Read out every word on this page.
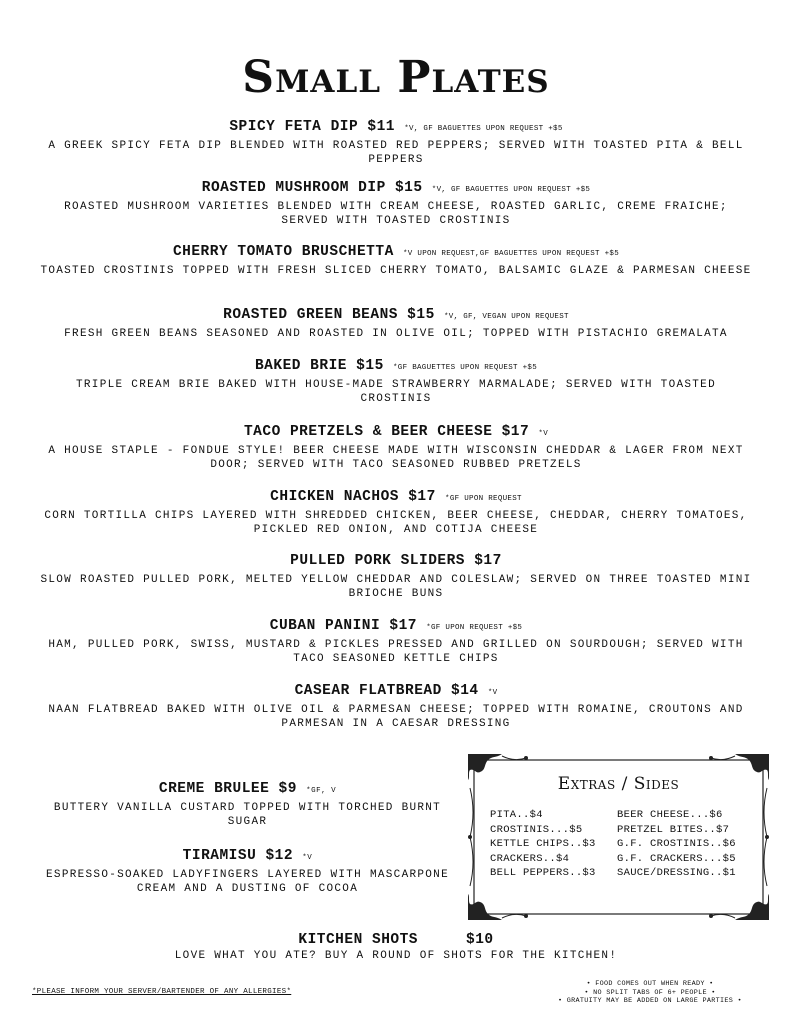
Small Plates
SPICY FETA DIP $11 *V, GF BAGUETTES UPON REQUEST +$5
A GREEK SPICY FETA DIP BLENDED WITH ROASTED RED PEPPERS; SERVED WITH TOASTED PITA & BELL PEPPERS
ROASTED MUSHROOM DIP $15 *V, GF BAGUETTES UPON REQUEST +$5
ROASTED MUSHROOM VARIETIES BLENDED WITH CREAM CHEESE, ROASTED GARLIC, CREME FRAICHE; SERVED WITH TOASTED CROSTINIS
CHERRY TOMATO BRUSCHETTA *V UPON REQUEST,GF BAGUETTES UPON REQUEST +$5
TOASTED CROSTINIS TOPPED WITH FRESH SLICED CHERRY TOMATO, BALSAMIC GLAZE & PARMESAN CHEESE
ROASTED GREEN BEANS $15 *V, GF, VEGAN UPON REQUEST
FRESH GREEN BEANS SEASONED AND ROASTED IN OLIVE OIL; TOPPED WITH PISTACHIO GREMALATA
BAKED BRIE $15 *GF BAGUETTES UPON REQUEST +$5
TRIPLE CREAM BRIE BAKED WITH HOUSE-MADE STRAWBERRY MARMALADE; SERVED WITH TOASTED CROSTINIS
TACO PRETZELS & BEER CHEESE $17 *V
A HOUSE STAPLE - FONDUE STYLE! BEER CHEESE MADE WITH WISCONSIN CHEDDAR & LAGER FROM NEXT DOOR; SERVED WITH TACO SEASONED RUBBED PRETZELS
CHICKEN NACHOS $17 *GF UPON REQUEST
CORN TORTILLA CHIPS LAYERED WITH SHREDDED CHICKEN, BEER CHEESE, CHEDDAR, CHERRY TOMATOES, PICKLED RED ONION, AND COTIJA CHEESE
PULLED PORK SLIDERS $17
SLOW ROASTED PULLED PORK, MELTED YELLOW CHEDDAR AND COLESLAW; SERVED ON THREE TOASTED MINI BRIOCHE BUNS
CUBAN PANINI $17 *GF UPON REQUEST +$5
HAM, PULLED PORK, SWISS, MUSTARD & PICKLES PRESSED AND GRILLED ON SOURDOUGH; SERVED WITH TACO SEASONED KETTLE CHIPS
CASEAR FLATBREAD $14 *V
NAAN FLATBREAD BAKED WITH OLIVE OIL & PARMESAN CHEESE; TOPPED WITH ROMAINE, CROUTONS AND PARMESAN IN A CAESAR DRESSING
CREME BRULEE $9 *GF, V
BUTTERY VANILLA CUSTARD TOPPED WITH TORCHED BURNT SUGAR
TIRAMISU $12 *V
ESPRESSO-SOAKED LADYFINGERS LAYERED WITH MASCARPONE CREAM AND A DUSTING OF COCOA
Extras / Sides
PITA..$4
CROSTINIS...$5
KETTLE CHIPS..$3
CRACKERS..$4
BELL PEPPERS..$3
BEER CHEESE...$6
PRETZEL BITES..$7
G.F. CROSTINIS..$6
G.F. CRACKERS...$5
SAUCE/DRESSING..$1
KITCHEN SHOTS	$10
LOVE WHAT YOU ATE? BUY A ROUND OF SHOTS FOR THE KITCHEN!
*PLEASE INFORM YOUR SERVER/BARTENDER OF ANY ALLERGIES*
• FOOD COMES OUT WHEN READY •
• NO SPLIT TABS OF 6+ PEOPLE •
• GRATUITY MAY BE ADDED ON LARGE PARTIES •
